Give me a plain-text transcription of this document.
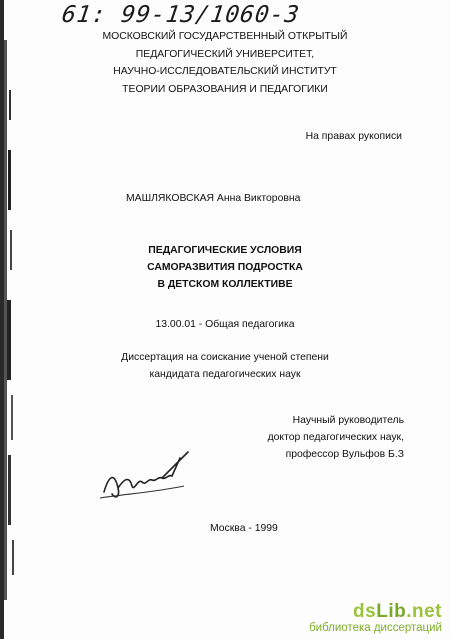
61: 99-13/1060-3
МОСКОВСКИЙ ГОСУДАРСТВЕННЫЙ ОТКРЫТЫЙ
ПЕДАГОГИЧЕСКИЙ УНИВЕРСИТЕТ,
НАУЧНО-ИССЛЕДОВАТЕЛЬСКИЙ ИНСТИТУТ
ТЕОРИИ ОБРАЗОВАНИЯ И ПЕДАГОГИКИ
На правах рукописи
МАШЛЯКОВСКАЯ Анна Викторовна
ПЕДАГОГИЧЕСКИЕ УСЛОВИЯ
САМОРАЗВИТИЯ ПОДРОСТКА
В ДЕТСКОМ КОЛЛЕКТИВЕ
13.00.01 - Общая педагогика
Диссертация на соискание ученой степени
кандидата педагогических наук
Научный руководитель
доктор педагогических наук,
профессор Вульфов Б.З
Москва - 1999
dsLib.net
библиотека диссертаций
